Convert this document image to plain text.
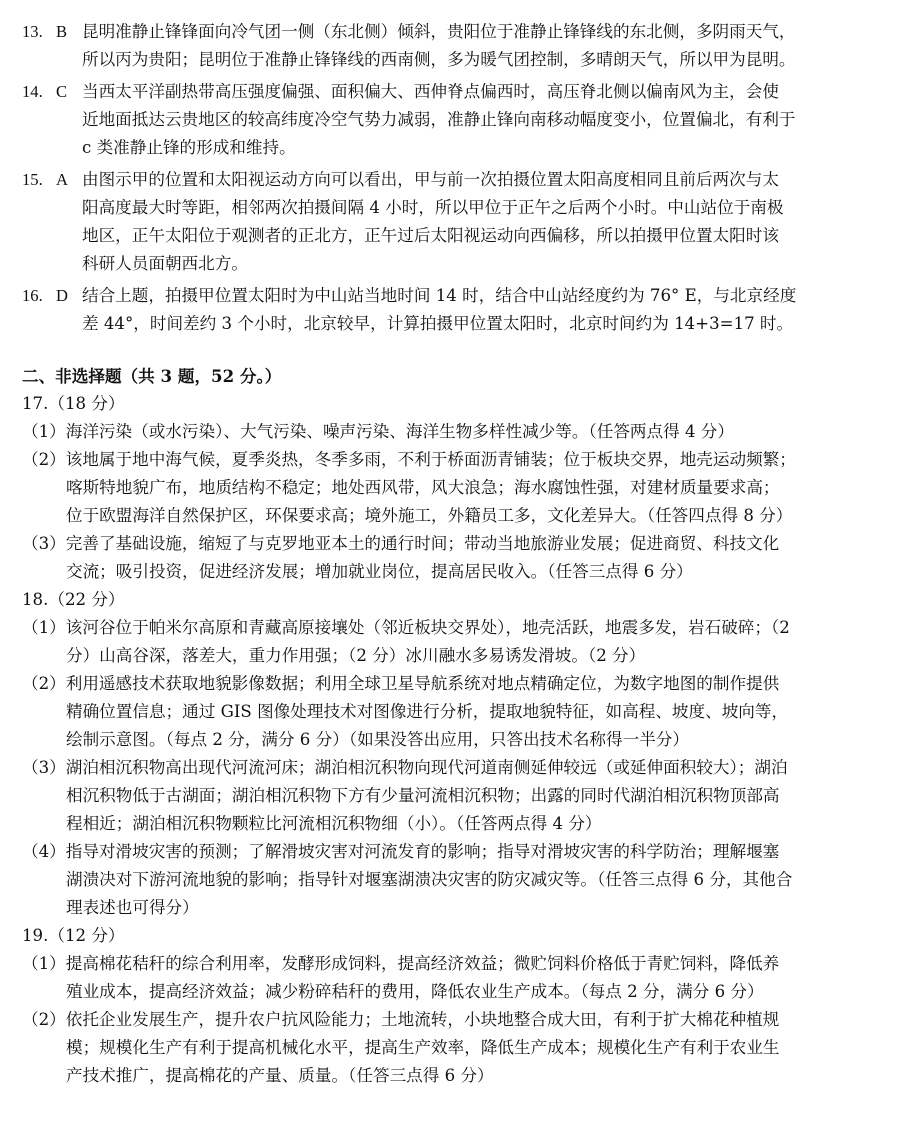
13. B 昆明准静止锋锋面向冷气团一侧（东北侧）倾斜，贵阳位于准静止锋锋线的东北侧，多阴雨天气，
所以丙为贵阳；昆明位于准静止锋锋线的西南侧，多为暖气团控制，多晴朗天气，所以甲为昆明。
14. C 当西太平洋副热带高压强度偏强、面积偏大、西伸脊点偏西时，高压脊北侧以偏南风为主，会使
近地面抵达云贵地区的较高纬度冷空气势力减弱，准静止锋向南移动幅度变小，位置偏北，有利于
c 类准静止锋的形成和维持。
15. A 由图示甲的位置和太阳视运动方向可以看出，甲与前一次拍摄位置太阳高度相同且前后两次与太
阳高度最大时等距，相邻两次拍摄间隔 4 小时，所以甲位于正午之后两个小时。中山站位于南极
地区，正午太阳位于观测者的正北方，正午过后太阳视运动向西偏移，所以拍摄甲位置太阳时该
科研人员面朝西北方。
16. D 结合上题，拍摄甲位置太阳时为中山站当地时间 14 时，结合中山站经度约为 76° E，与北京经度
差 44°，时间差约 3 个小时，北京较早，计算拍摄甲位置太阳时，北京时间约为 14+3=17 时。
二、非选择题（共 3 题，52 分。）
17.（18 分）
（1）海洋污染（或水污染）、大气污染、噪声污染、海洋生物多样性减少等。（任答两点得 4 分）
（2）该地属于地中海气候，夏季炎热，冬季多雨，不利于桥面沥青铺装；位于板块交界，地壳运动频繁；
喀斯特地貌广布，地质结构不稳定；地处西风带，风大浪急；海水腐蚀性强，对建材质量要求高；
位于欧盟海洋自然保护区，环保要求高；境外施工，外籍员工多，文化差异大。（任答四点得 8 分）
（3）完善了基础设施，缩短了与克罗地亚本土的通行时间；带动当地旅游业发展；促进商贸、科技文化
交流；吸引投资，促进经济发展；增加就业岗位，提高居民收入。（任答三点得 6 分）
18.（22 分）
（1）该河谷位于帕米尔高原和青藏高原接壤处（邻近板块交界处），地壳活跃，地震多发，岩石破碎；（2
分）山高谷深，落差大，重力作用强；（2 分）冰川融水多易诱发滑坡。（2 分）
（2）利用遥感技术获取地貌影像数据；利用全球卫星导航系统对地点精确定位，为数字地图的制作提供
精确位置信息；通过 GIS 图像处理技术对图像进行分析，提取地貌特征，如高程、坡度、坡向等，
绘制示意图。（每点 2 分，满分 6 分）（如果没答出应用，只答出技术名称得一半分）
（3）湖泊相沉积物高出现代河流河床；湖泊相沉积物向现代河道南侧延伸较远（或延伸面积较大）；湖泊
相沉积物低于古湖面；湖泊相沉积物下方有少量河流相沉积物；出露的同时代湖泊相沉积物顶部高
程相近；湖泊相沉积物颗粒比河流相沉积物细（小）。（任答两点得 4 分）
（4）指导对滑坡灾害的预测；了解滑坡灾害对河流发育的影响；指导对滑坡灾害的科学防治；理解堰塞
湖溃决对下游河流地貌的影响；指导针对堰塞湖溃决灾害的防灾减灾等。（任答三点得 6 分，其他合
理表述也可得分）
19.（12 分）
（1）提高棉花秸秆的综合利用率，发酵形成饲料，提高经济效益；微贮饲料价格低于青贮饲料，降低养
殖业成本，提高经济效益；减少粉碎秸秆的费用，降低农业生产成本。（每点 2 分，满分 6 分）
（2）依托企业发展生产，提升农户抗风险能力；土地流转，小块地整合成大田，有利于扩大棉花种植规
模；规模化生产有利于提高机械化水平，提高生产效率，降低生产成本；规模化生产有利于农业生
产技术推广，提高棉花的产量、质量。（任答三点得 6 分）
